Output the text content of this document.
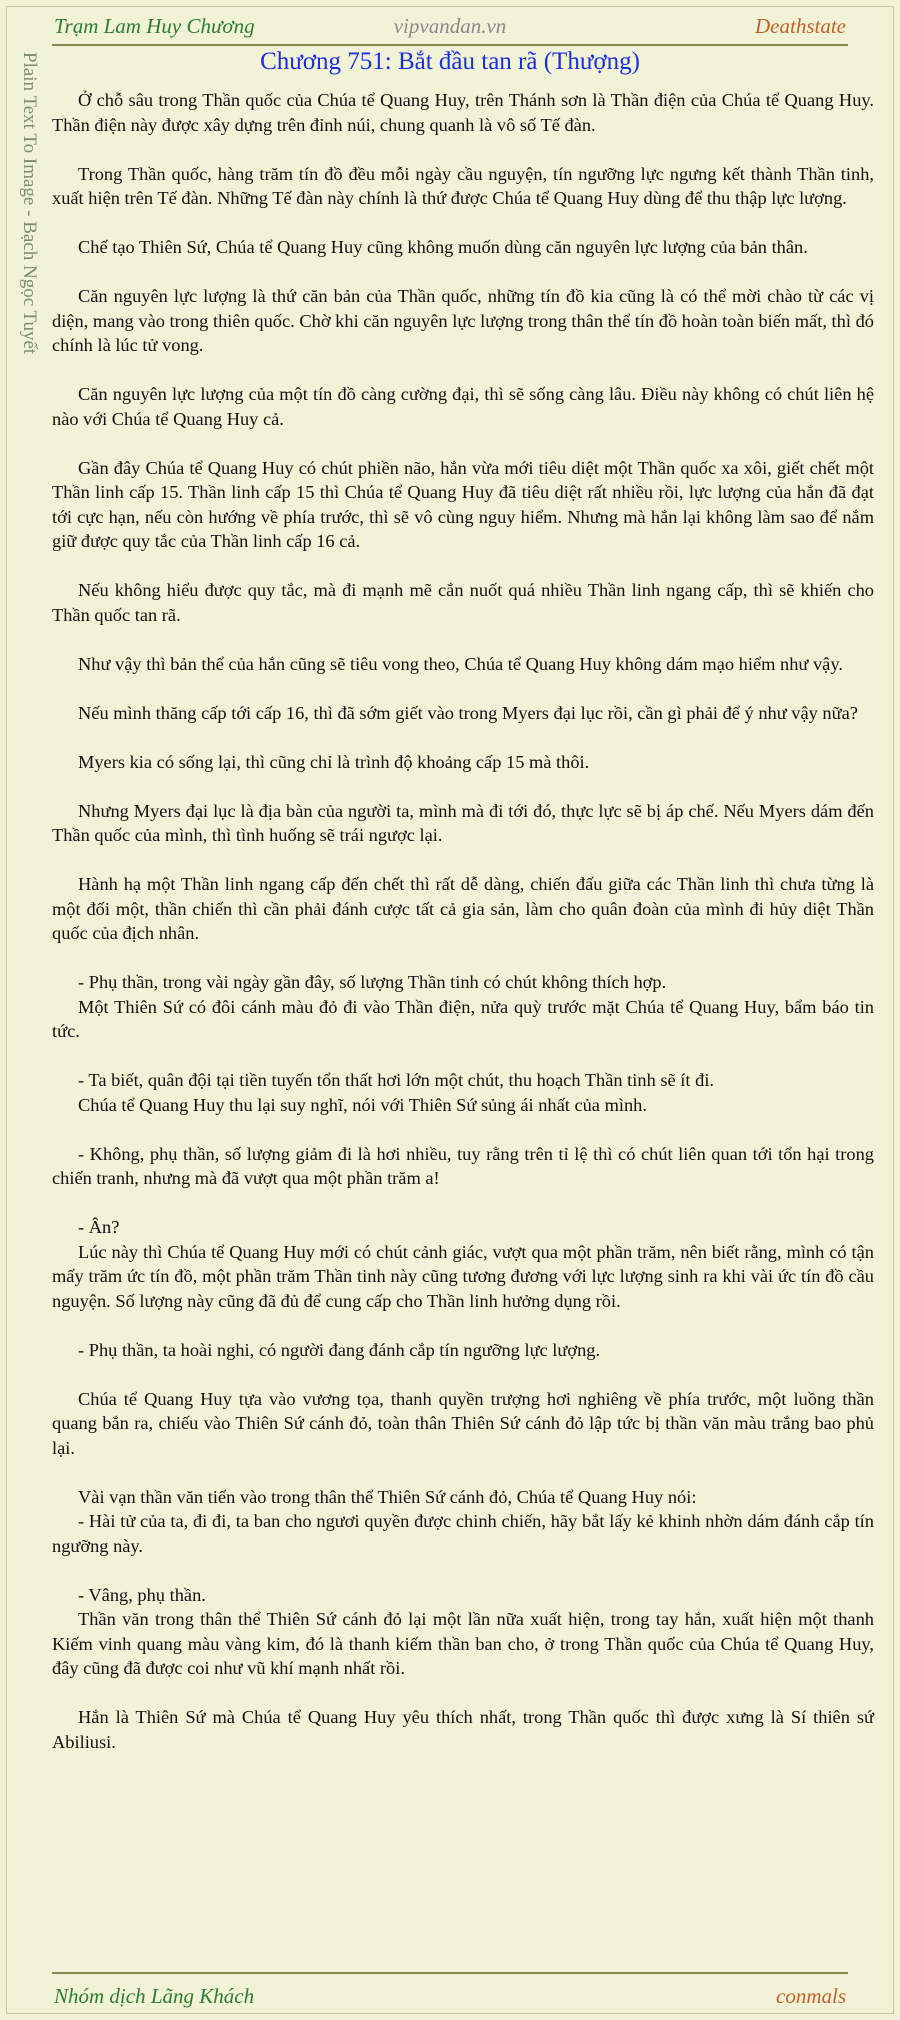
Trạm Lam Huy Chương	vipvandan.vn	Deathstate
Plain Text To Image - Bạch Ngọc Tuyết	Chương 751: Bắt đầu tan rã (Thượng)

Ở chỗ sâu trong Thần quốc của Chúa tể Quang Huy, trên Thánh sơn là Thần điện của Chúa tể Quang Huy. Thần điện này được xây dựng trên đỉnh núi, chung quanh là vô số Tế đàn.

Trong Thần quốc, hàng trăm tín đồ đều mỗi ngày cầu nguyện, tín ngưỡng lực ngưng kết thành Thần tinh, xuất hiện trên Tế đàn. Những Tế đàn này chính là thứ được Chúa tể Quang Huy dùng để thu thập lực lượng.

Chế tạo Thiên Sứ, Chúa tể Quang Huy cũng không muốn dùng căn nguyên lực lượng của bản thân.

Căn nguyên lực lượng là thứ căn bản của Thần quốc, những tín đồ kia cũng là có thể mời chào từ các vị diện, mang vào trong thiên quốc. Chờ khi căn nguyên lực lượng trong thân thể tín đồ hoàn toàn biến mất, thì đó chính là lúc tử vong.

Căn nguyên lực lượng của một tín đồ càng cường đại, thì sẽ sống càng lâu. Điều này không có chút liên hệ nào với Chúa tể Quang Huy cả.

Gần đây Chúa tể Quang Huy có chút phiền não, hắn vừa mới tiêu diệt một Thần quốc xa xôi, giết chết một Thần linh cấp 15. Thần linh cấp 15 thì Chúa tể Quang Huy đã tiêu diệt rất nhiều rồi, lực lượng của hắn đã đạt tới cực hạn, nếu còn hướng về phía trước, thì sẽ vô cùng nguy hiểm. Nhưng mà hắn lại không làm sao để nắm giữ được quy tắc của Thần linh cấp 16 cả.

Nếu không hiểu được quy tắc, mà đi mạnh mẽ cắn nuốt quá nhiều Thần linh ngang cấp, thì sẽ khiến cho Thần quốc tan rã.

Như vậy thì bản thể của hắn cũng sẽ tiêu vong theo, Chúa tể Quang Huy không dám mạo hiểm như vậy.

Nếu mình thăng cấp tới cấp 16, thì đã sớm giết vào trong Myers đại lục rồi, cần gì phải để ý như vậy nữa?

Myers kia có sống lại, thì cũng chỉ là trình độ khoảng cấp 15 mà thôi.

Nhưng Myers đại lục là địa bàn của người ta, mình mà đi tới đó, thực lực sẽ bị áp chế. Nếu Myers dám đến Thần quốc của mình, thì tình huống sẽ trái ngược lại.

Hành hạ một Thần linh ngang cấp đến chết thì rất dễ dàng, chiến đấu giữa các Thần linh thì chưa từng là một đối một, thần chiến thì cần phải đánh cược tất cả gia sản, làm cho quân đoàn của mình đi hủy diệt Thần quốc của địch nhân.

- Phụ thần, trong vài ngày gần đây, số lượng Thần tinh có chút không thích hợp.

Một Thiên Sứ có đôi cánh màu đỏ đi vào Thần điện, nửa quỳ trước mặt Chúa tể Quang Huy, bẩm báo tin tức.

- Ta biết, quân đội tại tiền tuyến tổn thất hơi lớn một chút, thu hoạch Thần tinh sẽ ít đi.

Chúa tể Quang Huy thu lại suy nghĩ, nói với Thiên Sứ sủng ái nhất của mình.

- Không, phụ thần, số lượng giảm đi là hơi nhiều, tuy rằng trên tỉ lệ thì có chút liên quan tới tổn hại trong chiến tranh, nhưng mà đã vượt qua một phần trăm a!

- Ân?

Lúc này thì Chúa tể Quang Huy mới có chút cảnh giác, vượt qua một phần trăm, nên biết rằng, mình có tận mấy trăm ức tín đồ, một phần trăm Thần tinh này cũng tương đương với lực lượng sinh ra khi vài ức tín đồ cầu nguyện. Số lượng này cũng đã đủ để cung cấp cho Thần linh hưởng dụng rồi.

- Phụ thần, ta hoài nghi, có người đang đánh cắp tín ngưỡng lực lượng.

Chúa tể Quang Huy tựa vào vương tọa, thanh quyền trượng hơi nghiêng về phía trước, một luồng thần quang bắn ra, chiếu vào Thiên Sứ cánh đỏ, toàn thân Thiên Sứ cánh đỏ lập tức bị thần văn màu trắng bao phủ lại.

Vài vạn thần văn tiến vào trong thân thể Thiên Sứ cánh đỏ, Chúa tể Quang Huy nói:

- Hài tử của ta, đi đi, ta ban cho ngươi quyền được chinh chiến, hãy bắt lấy kẻ khinh nhờn dám đánh cắp tín ngưỡng này.

- Vâng, phụ thần.

Thần văn trong thân thể Thiên Sứ cánh đỏ lại một lần nữa xuất hiện, trong tay hắn, xuất hiện một thanh Kiếm vinh quang màu vàng kim, đó là thanh kiếm thần ban cho, ở trong Thần quốc của Chúa tể Quang Huy, đây cũng đã được coi như vũ khí mạnh nhất rồi.

Hắn là Thiên Sứ mà Chúa tể Quang Huy yêu thích nhất, trong Thần quốc thì được xưng là Sí thiên sứ Abiliusi.

Nhóm dịch Lãng Khách	conmals
